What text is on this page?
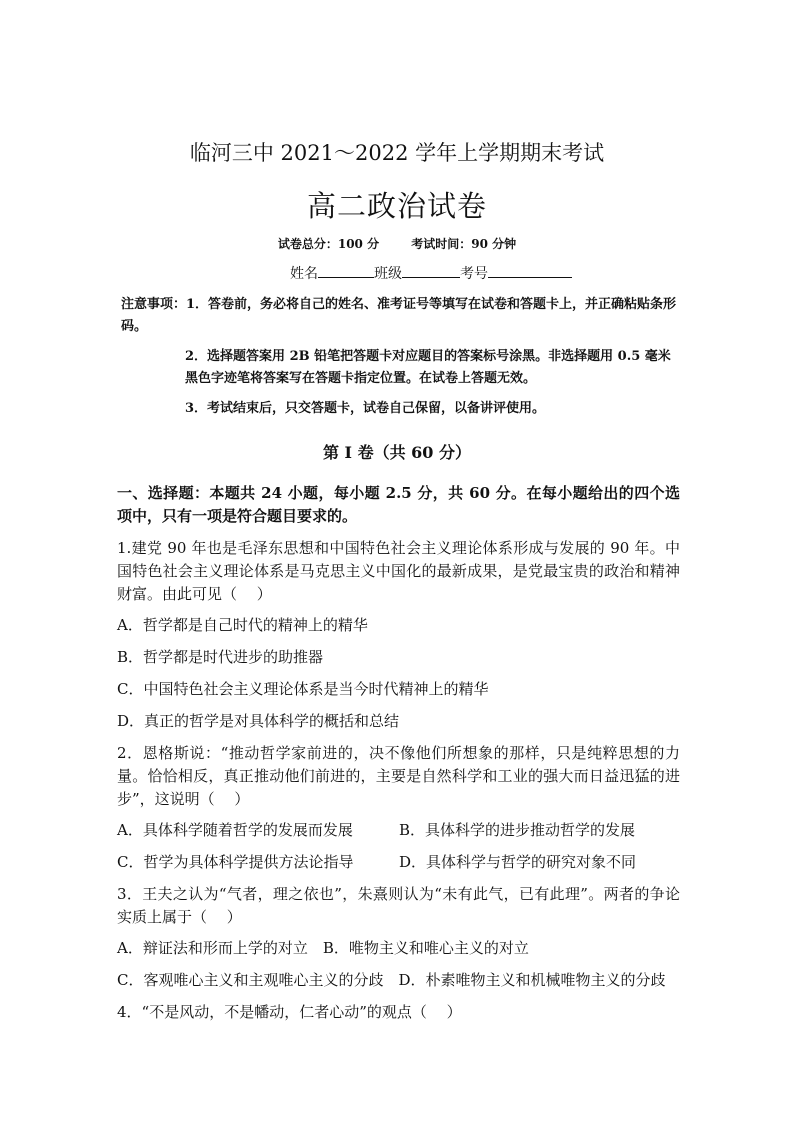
临河三中 2021～2022 学年上学期期末考试
高二政治试卷
试卷总分：100 分	考试时间：90 分钟
姓名	班级	考号
注意事项：1．答卷前，务必将自己的姓名、准考证号等填写在试卷和答题卡上，并正确粘贴条形码。
2．选择题答案用 2B 铅笔把答题卡对应题目的答案标号涂黑。非选择题用 0.5 毫米黑色字迹笔将答案写在答题卡指定位置。在试卷上答题无效。
3．考试结束后，只交答题卡，试卷自己保留，以备讲评使用。
第 I 卷（共 60 分）

一、选择题：本题共 24 小题，每小题 2.5 分，共 60 分。在每小题给出的四个选项中，只有一项是符合题目要求的。

1.建党 90 年也是毛泽东思想和中国特色社会主义理论体系形成与发展的 90 年。中国特色社会主义理论体系是马克思主义中国化的最新成果，是党最宝贵的政治和精神财富。由此可见（　 ）

A．哲学都是自己时代的精神上的精华

B．哲学都是时代进步的助推器

C．中国特色社会主义理论体系是当今时代精神上的精华

D．真正的哲学是对具体科学的概括和总结

2．恩格斯说：“推动哲学家前进的，决不像他们所想象的那样，只是纯粹思想的力量。恰恰相反，真正推动他们前进的，主要是自然科学和工业的强大而日益迅猛的进步”，这说明（　 ）

A．具体科学随着哲学的发展而发展	B．具体科学的进步推动哲学的发展
C．哲学为具体科学提供方法论指导	D．具体科学与哲学的研究对象不同

3．王夫之认为“气者，理之依也”，朱熹则认为“未有此气，已有此理”。两者的争论实质上属于（　 ）

A．辩证法和形而上学的对立　 B．唯物主义和唯心主义的对立

C．客观唯心主义和主观唯心主义的分歧　 D．朴素唯物主义和机械唯物主义的分歧

4．“不是风动，不是幡动，仁者心动”的观点（　 ）
